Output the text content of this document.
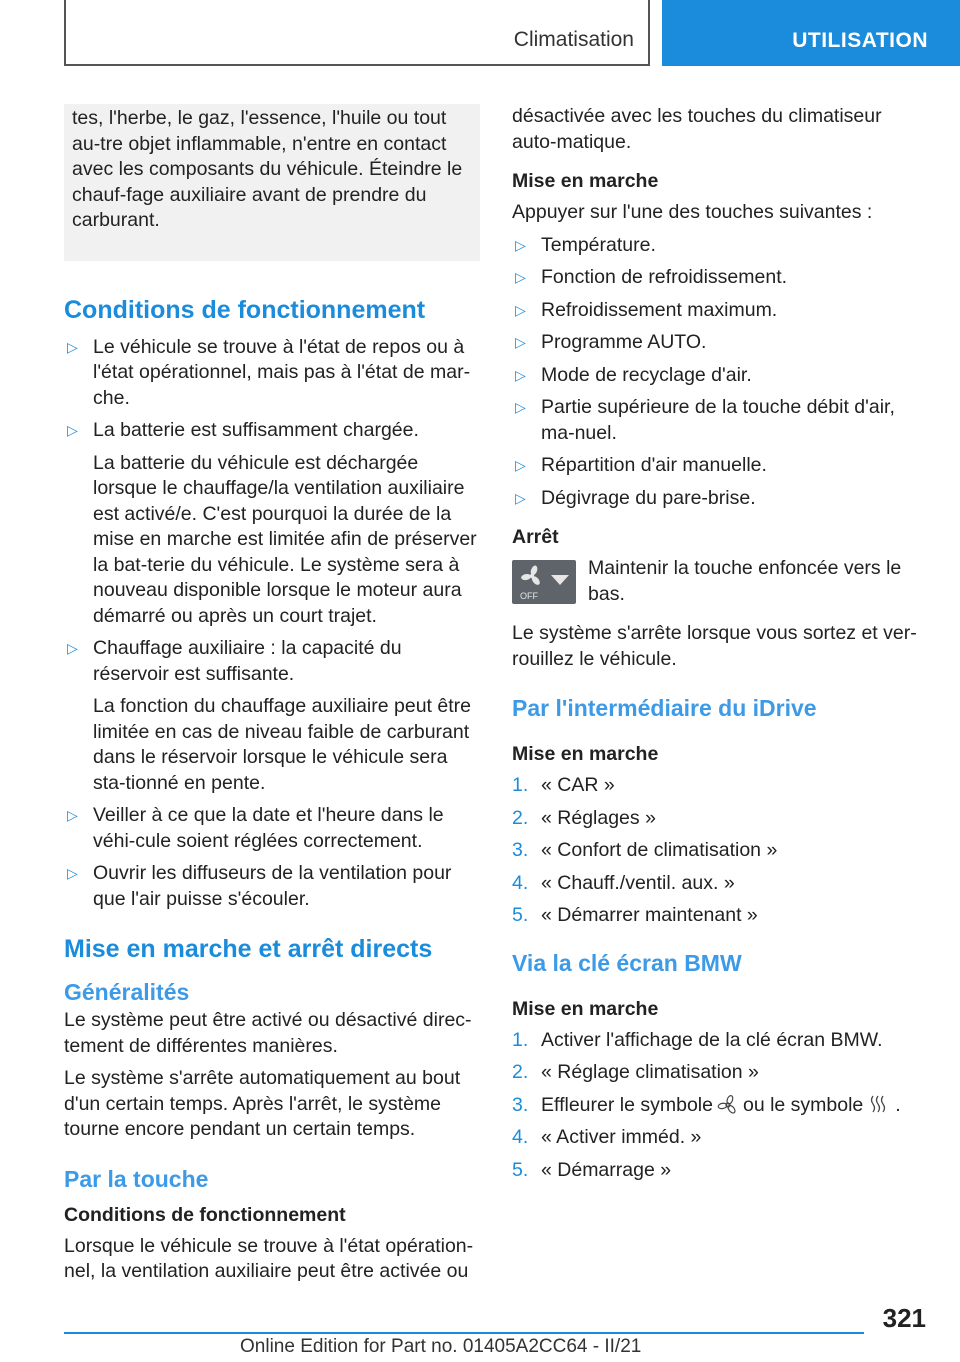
Climatisation	UTILISATION

tes, l'herbe, le gaz, l'essence, l'huile ou tout au-tre objet inflammable, n'entre en contact avec les composants du véhicule. Éteindre le chauf-fage auxiliaire avant de prendre du carburant.

Conditions de fonctionnement
▷ Le véhicule se trouve à l'état de repos ou à l'état opérationnel, mais pas à l'état de mar-che.
▷ La batterie est suffisamment chargée.

La batterie du véhicule est déchargée lorsque le chauffage/la ventilation auxiliaire est activé/e. C'est pourquoi la durée de la mise en marche est limitée afin de préserver la bat-terie du véhicule. Le système sera à nouveau disponible lorsque le moteur aura démarré ou après un court trajet.

▷ Chauffage auxiliaire : la capacité du réservoir est suffisante.

La fonction du chauffage auxiliaire peut être limitée en cas de niveau faible de carburant dans le réservoir lorsque le véhicule sera sta-tionné en pente.

▷ Veiller à ce que la date et l'heure dans le véhi-cule soient réglées correctement.
▷ Ouvrir les diffuseurs de la ventilation pour que l'air puisse s'écouler.
Mise en marche et arrêt directs
Généralités

Le système peut être activé ou désactivé direc-tement de différentes manières.

Le système s'arrête automatiquement au bout d'un certain temps. Après l'arrêt, le système tourne encore pendant un certain temps.

Par la touche
Conditions de fonctionnement

Lorsque le véhicule se trouve à l'état opération-nel, la ventilation auxiliaire peut être activée ou

désactivée avec les touches du climatiseur auto-matique.

Mise en marche

Appuyer sur l'une des touches suivantes :

▷ Température.
▷ Fonction de refroidissement.
▷ Refroidissement maximum.
▷ Programme AUTO.
▷ Mode de recyclage d'air.
▷ Partie supérieure de la touche débit d'air, ma-nuel.
▷ Répartition d'air manuelle.
▷ Dégivrage du pare-brise.
Arrêt
OFF
Maintenir la touche enfoncée vers le bas.

Le système s'arrête lorsque vous sortez et ver-rouillez le véhicule.

Par l'intermédiaire du iDrive
Mise en marche
1. « CAR »
2. « Réglages »
3. « Confort de climatisation »
4. « Chauff./ventil. aux. »
5. « Démarrer maintenant »
Via la clé écran BMW
Mise en marche
1. Activer l'affichage de la clé écran BMW.
2. « Réglage climatisation »
3. Effleurer le symbole ou le symbole .
4. « Activer imméd. »
5. « Démarrage »
321
Online Edition for Part no. 01405A2CC64 - II/21
